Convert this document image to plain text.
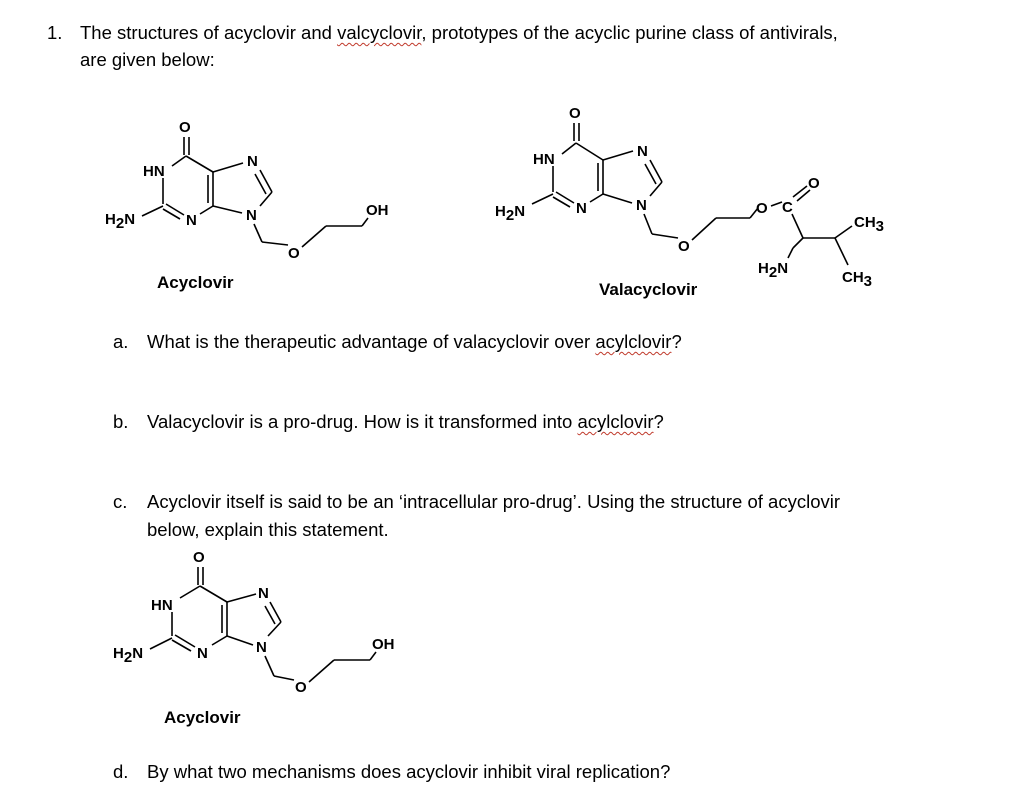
1. The structures of acyclovir and valcyclovir, prototypes of the acyclic purine class of antivirals,
are given below:
O
HN
N
H2N
N
N
O
OH
Acyclovir
O
HN
N
H2N
N
N
O
O C
O
H2N
CH3
CH3
Valacyclovir
a. What is the therapeutic advantage of valacyclovir over acylclovir?
b. Valacyclovir is a pro-drug. How is it transformed into acylclovir?
c. Acyclovir itself is said to be an ‘intracellular pro-drug’. Using the structure of acyclovir
below, explain this statement.
O
HN
N
H2N
N
N
O
OH
Acyclovir
d. By what two mechanisms does acyclovir inhibit viral replication?
